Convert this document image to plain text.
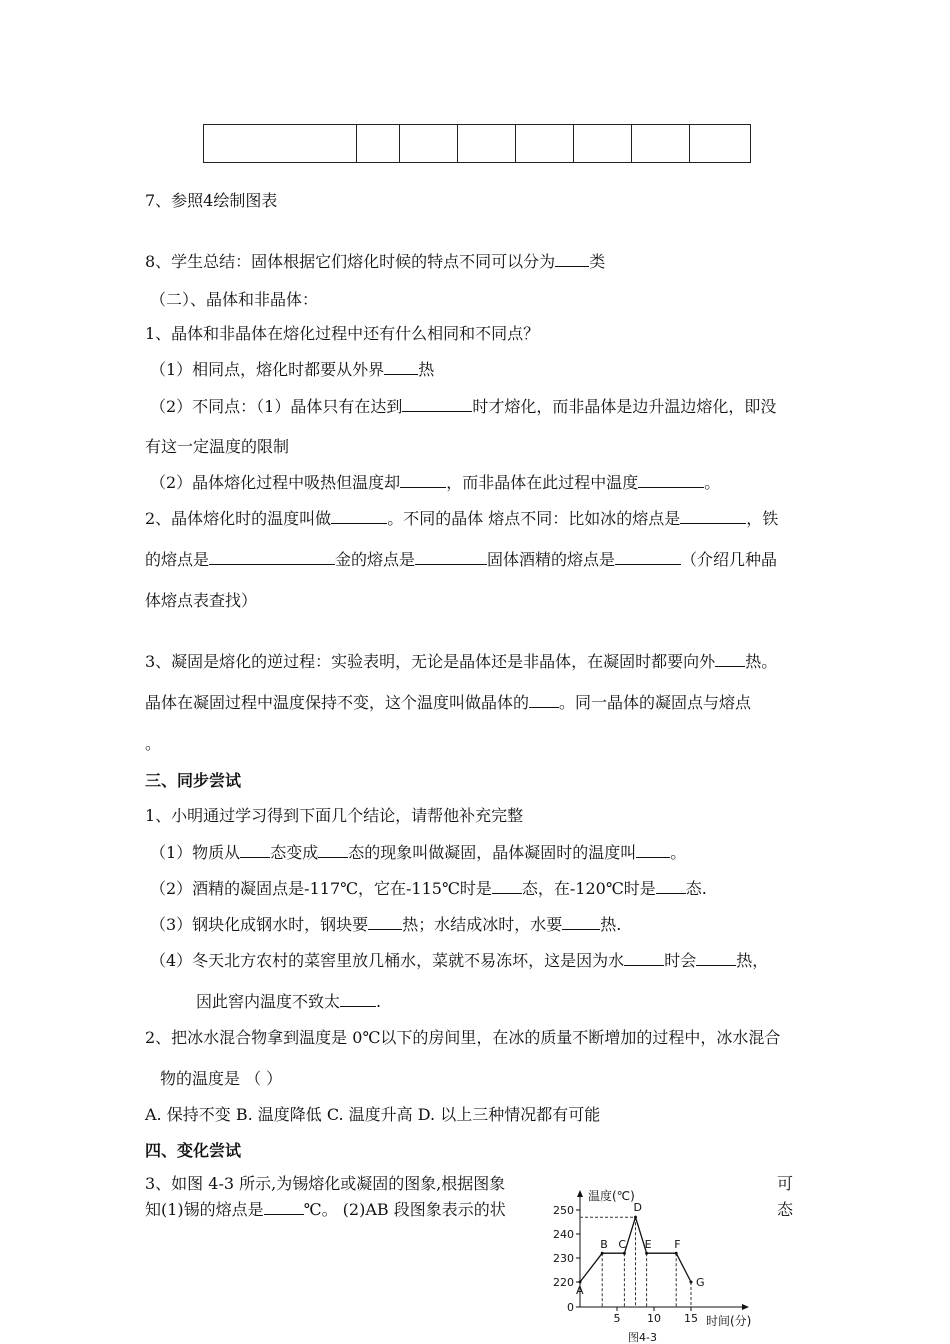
7、参照4绘制图表
8、学生总结：固体根据它们熔化时候的特点不同可以分为 类
（二）、晶体和非晶体：
1、晶体和非晶体在熔化过程中还有什么相同和不同点？
（1）相同点，熔化时都要从外界 热
（2）不同点：（1）晶体只有在达到	时才熔化，而非晶体是边升温边熔化，即没
有这一定温度的限制
（2）晶体熔化过程中吸热但温度却	，而非晶体在此过程中温度	。
2、晶体熔化时的温度叫做	。不同的晶体 熔点不同：比如冰的熔点是	，铁
的熔点是	金的熔点是	固体酒精的熔点是	（介绍几种晶
体熔点表查找）
3、凝固是熔化的逆过程：实验表明，无论是晶体还是非晶体，在凝固时都要向外 热。
晶体在凝固过程中温度保持不变，这个温度叫做晶体的 。同一晶体的凝固点与熔点
。
三、同步尝试
1、小明通过学习得到下面几个结论，请帮他补充完整
（1）物质从 态变成 态的现象叫做凝固，晶体凝固时的温度叫 。
（2）酒精的凝固点是-117℃，它在-115℃时是 态，在-120℃时是 态.
（3）钢块化成钢水时，钢块要 热；水结成冰时，水要 热.
（4）冬天北方农村的菜窖里放几桶水，菜就不易冻坏，这是因为水	时会	热，
因此窖内温度不致太 .
2、把冰水混合物拿到温度是 0℃以下的房间里，在冰的质量不断增加的过程中，冰水混合
物的温度是 （ ）
A. 保持不变 B. 温度降低 C. 温度升高 D. 以上三种情况都有可能
四、变化尝试
3、如图 4-3 所示,为锡熔化或凝固的图象,根据图象
知(1)锡的熔点是	℃。 (2)AB 段图象表示的状
可
态
0
220
230
240
250
5 10 15
A
B C
D
E F
G
温度(℃)
时间(分)
图4-3
